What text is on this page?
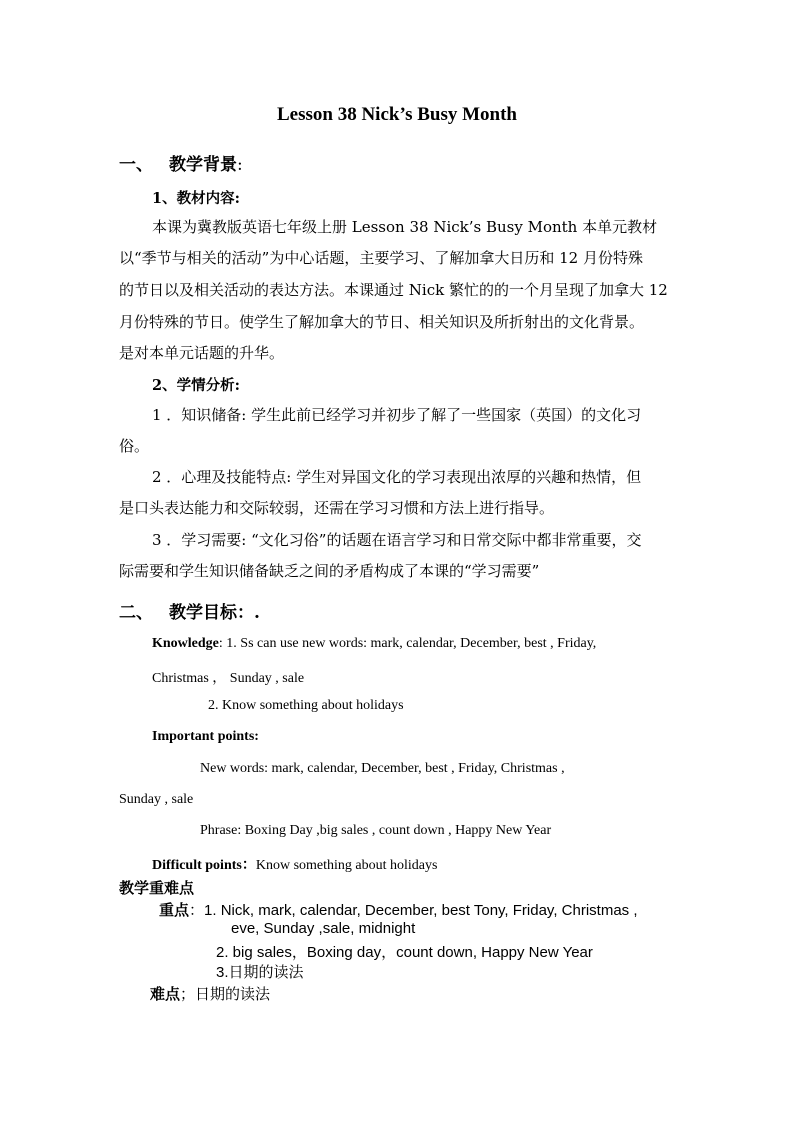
Lesson 38 Nick’s Busy Month
一、 教学背景:
1、教材内容:
本课为冀教版英语七年级上册 Lesson 38 Nick’s Busy Month 本单元教材
以“季节与相关的活动”为中心话题，主要学习、了解加拿大日历和 12 月份特殊
的节日以及相关活动的表达方法。本课通过 Nick 繁忙的的一个月呈现了加拿大 12
月份特殊的节日。使学生了解加拿大的节日、相关知识及所折射出的文化背景。
是对本单元话题的升华。
2、学情分析:
1 ．知识储备: 学生此前已经学习并初步了解了一些国家（英国）的文化习
俗。
2 ．心理及技能特点: 学生对异国文化的学习表现出浓厚的兴趣和热情，但
是口头表达能力和交际较弱，还需在学习习惯和方法上进行指导。
3 ．学习需要: “文化习俗”的话题在语言学习和日常交际中都非常重要，交
际需要和学生知识储备缺乏之间的矛盾构成了本课的“学习需要”
二、 教学目标：.
Knowledge: 1. Ss can use new words: mark, calendar, December, best , Friday,
Christmas ， Sunday , sale
2. Know something about holidays
Important points:
New words: mark, calendar, December, best , Friday, Christmas ,
Sunday , sale
Phrase: Boxing Day ,big sales , count down , Happy New Year
Difficult points：Know something about holidays
教学重难点
重点：1. Nick, mark, calendar, December, best Tony, Friday, Christmas ,
eve, Sunday ,sale, midnight
2. big sales，Boxing day，count down, Happy New Year
3.日期的读法
难点；日期的读法
